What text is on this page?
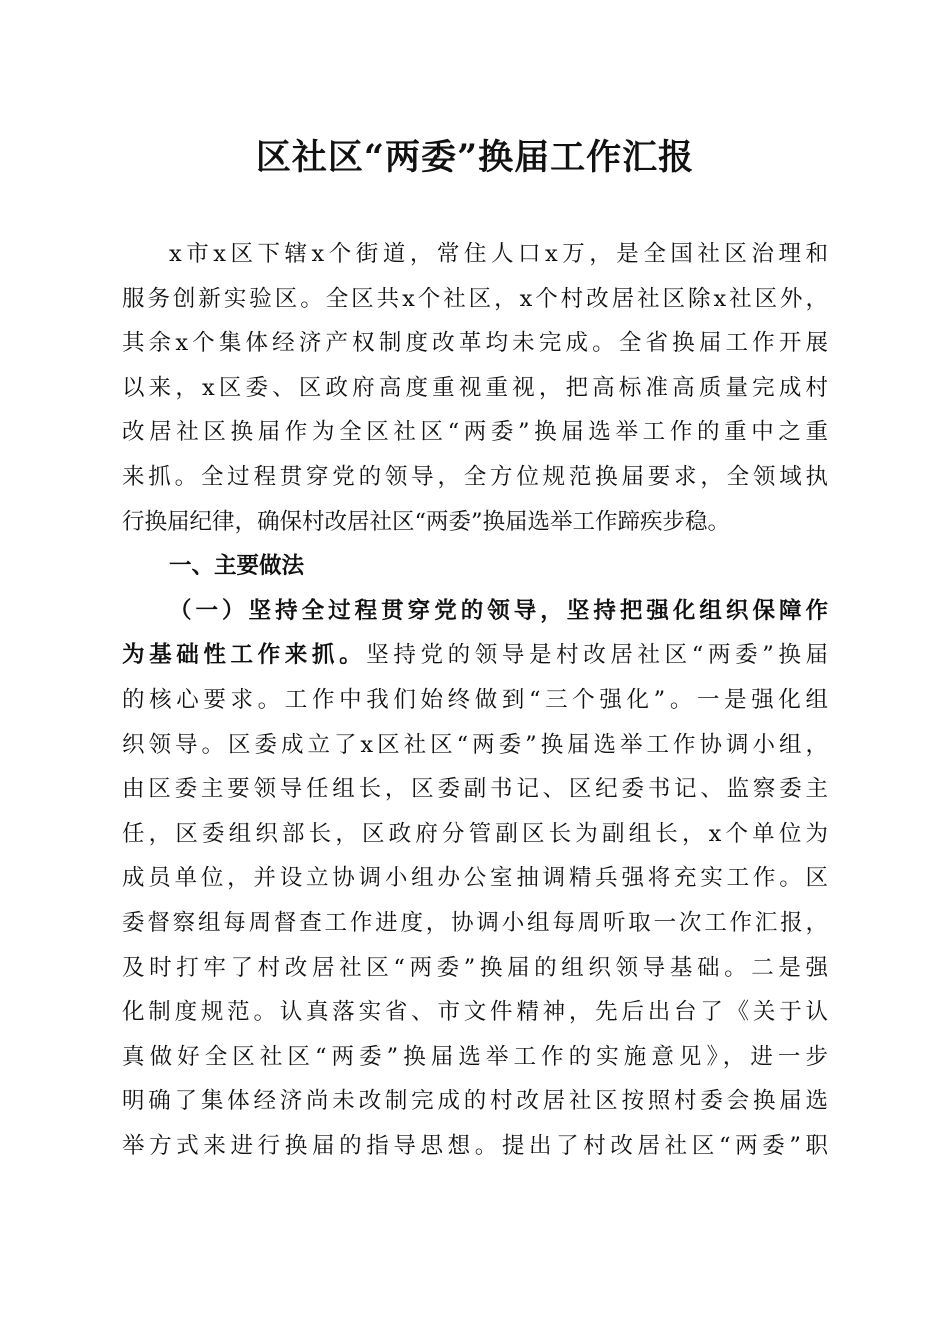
区社区“两委”换届工作汇报
x市x区下辖x个街道，常住人口x万，是全国社区治理和
服务创新实验区。全区共x个社区，x个村改居社区除x社区外，
其余x个集体经济产权制度改革均未完成。全省换届工作开展
以来，x区委、区政府高度重视重视，把高标准高质量完成村
改居社区换届作为全区社区“两委”换届选举工作的重中之重
来抓。全过程贯穿党的领导，全方位规范换届要求，全领域执
行换届纪律，确保村改居社区“两委”换届选举工作蹄疾步稳。
一、主要做法
（一）坚持全过程贯穿党的领导，坚持把强化组织保障作
为基础性工作来抓。坚持党的领导是村改居社区“两委”换届
的核心要求。工作中我们始终做到“三个强化”。一是强化组
织领导。区委成立了x区社区“两委”换届选举工作协调小组，
由区委主要领导任组长，区委副书记、区纪委书记、监察委主
任，区委组织部长，区政府分管副区长为副组长，x个单位为
成员单位，并设立协调小组办公室抽调精兵强将充实工作。区
委督察组每周督查工作进度，协调小组每周听取一次工作汇报，
及时打牢了村改居社区“两委”换届的组织领导基础。二是强
化制度规范。认真落实省、市文件精神，先后出台了《关于认
真做好全区社区“两委”换届选举工作的实施意见》，进一步
明确了集体经济尚未改制完成的村改居社区按照村委会换届选
举方式来进行换届的指导思想。提出了村改居社区“两委”职
